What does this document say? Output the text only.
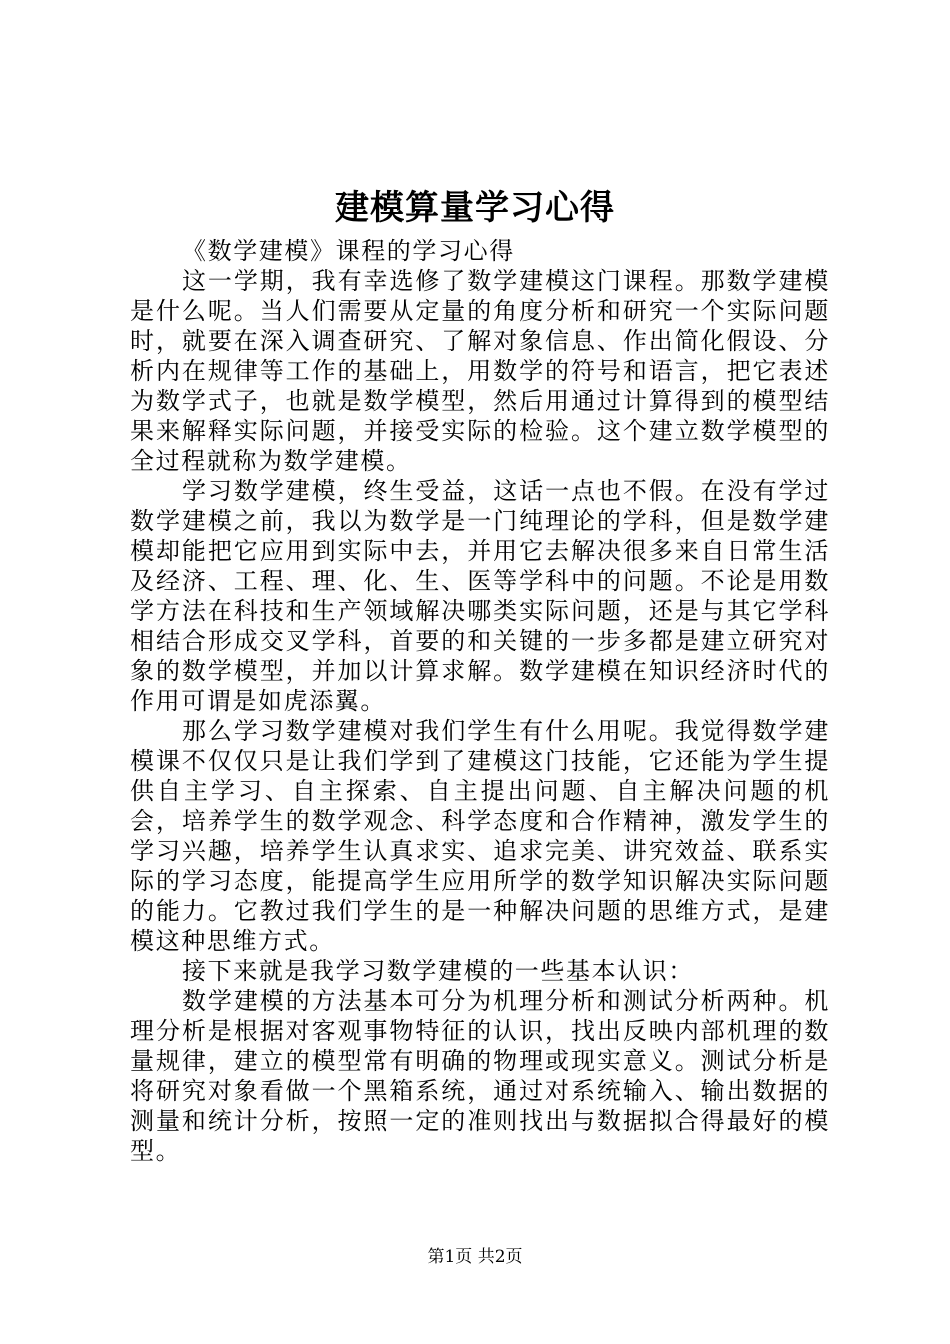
建模算量学习心得

《数学建模》课程的学习心得

这一学期，我有幸选修了数学建模这门课程。那数学建模是什么呢。当人们需要从定量的角度分析和研究一个实际问题时，就要在深入调查研究、了解对象信息、作出简化假设、分析内在规律等工作的基础上，用数学的符号和语言，把它表述为数学式子，也就是数学模型，然后用通过计算得到的模型结果来解释实际问题，并接受实际的检验。这个建立数学模型的全过程就称为数学建模。

学习数学建模，终生受益，这话一点也不假。在没有学过数学建模之前，我以为数学是一门纯理论的学科，但是数学建模却能把它应用到实际中去，并用它去解决很多来自日常生活及经济、工程、理、化、生、医等学科中的问题。不论是用数学方法在科技和生产领域解决哪类实际问题，还是与其它学科相结合形成交叉学科，首要的和关键的一步多都是建立研究对象的数学模型，并加以计算求解。数学建模在知识经济时代的作用可谓是如虎添翼。

那么学习数学建模对我们学生有什么用呢。我觉得数学建模课不仅仅只是让我们学到了建模这门技能，它还能为学生提供自主学习、自主探索、自主提出问题、自主解决问题的机会，培养学生的数学观念、科学态度和合作精神，激发学生的学习兴趣，培养学生认真求实、追求完美、讲究效益、联系实际的学习态度，能提高学生应用所学的数学知识解决实际问题的能力。它教过我们学生的是一种解决问题的思维方式，是建模这种思维方式。

接下来就是我学习数学建模的一些基本认识：

数学建模的方法基本可分为机理分析和测试分析两种。机理分析是根据对客观事物特征的认识，找出反映内部机理的数量规律，建立的模型常有明确的物理或现实意义。测试分析是将研究对象看做一个黑箱系统，通过对系统输入、输出数据的测量和统计分析，按照一定的准则找出与数据拟合得最好的模型。

第1页 共2页
